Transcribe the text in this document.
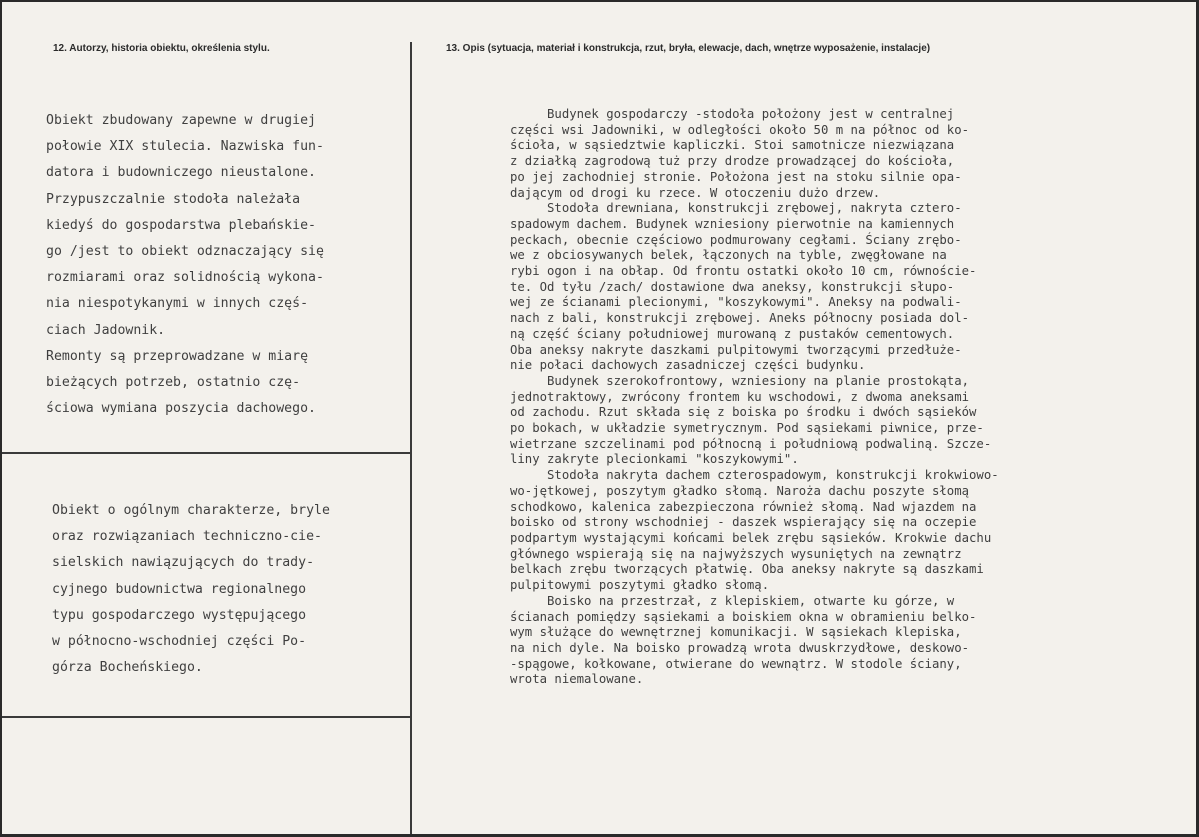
12. Autorzy, historia obiektu, określenia stylu.	13. Opis (sytuacja, materiał i konstrukcja, rzut, bryła, elewacje, dach, wnętrze wyposażenie, instalacje)
Obiekt zbudowany zapewne w drugiej
połowie XIX stulecia. Nazwiska fun-
datora i budowniczego nieustalone.
Przypuszczalnie stodoła należała
kiedyś do gospodarstwa plebańskie-
go /jest to obiekt odznaczający się
rozmiarami oraz solidnością wykona-
nia niespotykanymi w innych częś-
ciach Jadownik.
Remonty są przeprowadzane w miarę
bieżących potrzeb, ostatnio czę-
ściowa wymiana poszycia dachowego.
Obiekt o ogólnym charakterze, bryle
oraz rozwiązaniach techniczno-cie-
sielskich nawiązujących do trady-
cyjnego budownictwa regionalnego
typu gospodarczego występującego
w północno-wschodniej części Po-
górza Bocheńskiego.
Budynek gospodarczy -stodoła położony jest w centralnej
części wsi Jadowniki, w odległości około 50 m na północ od ko-
ścioła, w sąsiedztwie kapliczki. Stoi samotnicze niezwiązana
z działką zagrodową tuż przy drodze prowadzącej do kościoła,
po jej zachodniej stronie. Położona jest na stoku silnie opa-
dającym od drogi ku rzece. W otoczeniu dużo drzew.
Stodoła drewniana, konstrukcji zrębowej, nakryta cztero-
spadowym dachem. Budynek wzniesiony pierwotnie na kamiennych
peckach, obecnie częściowo podmurowany cegłami. Ściany zrębo-
we z obciosywanych belek, łączonych na tyble, zwęgłowane na
rybi ogon i na obłap. Od frontu ostatki około 10 cm, równoście-
te. Od tyłu /zach/ dostawione dwa aneksy, konstrukcji słupo-
wej ze ścianami plecionymi, "koszykowymi". Aneksy na podwali-
nach z bali, konstrukcji zrębowej. Aneks północny posiada dol-
ną część ściany południowej murowaną z pustaków cementowych.
Oba aneksy nakryte daszkami pulpitowymi tworzącymi przedłuże-
nie połaci dachowych zasadniczej części budynku.
Budynek szerokofrontowy, wzniesiony na planie prostokąta,
jednotraktowy, zwrócony frontem ku wschodowi, z dwoma aneksami
od zachodu. Rzut składa się z boiska po środku i dwóch sąsieków
po bokach, w układzie symetrycznym. Pod sąsiekami piwnice, prze-
wietrzane szczelinami pod północną i południową podwaliną. Szcze-
liny zakryte plecionkami "koszykowymi".
Stodoła nakryta dachem czterospadowym, konstrukcji krokwiowo-
wo-jętkowej, poszytym gładko słomą. Naroża dachu poszyte słomą
schodkowo, kalenica zabezpieczona również słomą. Nad wjazdem na
boisko od strony wschodniej - daszek wspierający się na oczepie
podpartym wystającymi końcami belek zrębu sąsieków. Krokwie dachu
głównego wspierają się na najwyższych wysuniętych na zewnątrz
belkach zrębu tworzących płatwię. Oba aneksy nakryte są daszkami
pulpitowymi poszytymi gładko słomą.
Boisko na przestrzał, z klepiskiem, otwarte ku górze, w
ścianach pomiędzy sąsiekami a boiskiem okna w obramieniu belko-
wym służące do wewnętrznej komunikacji. W sąsiekach klepiska,
na nich dyle. Na boisko prowadzą wrota dwuskrzydłowe, deskowo-
-spągowe, kołkowane, otwierane do wewnątrz. W stodole ściany,
wrota niemalowane.
